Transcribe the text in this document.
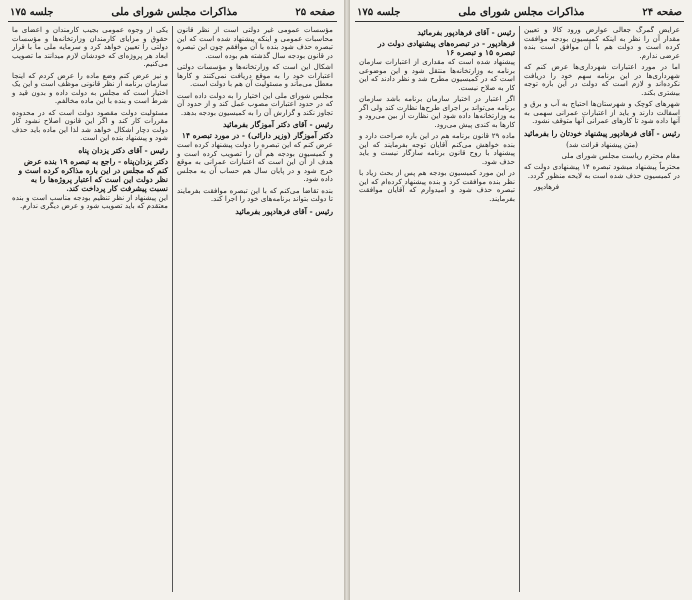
صفحه ۲۵
مذاکرات مجلس شورای ملی
جلسه ۱۷۵
مؤسسات عمومی غیر دولتی است از نظر قانون محاسبات عمومی و اینکه پیشنهاد شده است که این تبصره حذف شود بنده با آن موافقم چون این تبصره در قانون بودجه سال گذشته هم بوده است.
اشکال این است که وزارتخانه‌ها و مؤسسات دولتی اعتبارات خود را به موقع دریافت نمی‌کنند و کارها معطل می‌ماند و مسئولیت آن هم با دولت است.
مجلس شورای ملی این اختیار را به دولت داده است که در حدود اعتبارات مصوب عمل کند و از حدود آن تجاوز نکند و گزارش آن را به کمیسیون بودجه بدهد.
رئیس - آقای دکتر آموزگار بفرمائید
دکتر آموزگار (وزیر دارائی) - در مورد تبصره ۱۴
عرض کنم که این تبصره را دولت پیشنهاد کرده است و کمیسیون بودجه هم آن را تصویب کرده است و هدف از آن این است که اعتبارات عمرانی به موقع خرج شود و در پایان سال هم حساب آن به مجلس داده شود.
بنده تقاضا می‌کنم که با این تبصره موافقت بفرمایند تا دولت بتواند برنامه‌های خود را اجرا کند.
رئیس - آقای فرهادپور بفرمائید
یکی از وجوه عمومی بجیب کارمندان و اعضای ما حقوق و مزایای کارمندان وزارتخانه‌ها و مؤسسات دولتی را تعیین خواهد کرد و سرمایه ملی ما با قرار ابعاد هر پروژه‌ای که خودشان لازم میدانند ما تصویب می‌کنیم.
و نیز عرض کنم وضع ماده را عرض کردم که اینجا سازمان برنامه از نظر قانونی موظف است و این یک اختیار است که مجلس به دولت داده و بدون قید و شرط است و بنده با این ماده مخالفم.
مسئولیت دولت مقصود دولت است که در محدوده مقررات کار کند و اگر این قانون اصلاح نشود کار دولت دچار اشکال خواهد شد لذا این ماده باید حذف شود و پیشنهاد بنده این است.
رئیس - آقای دکتر یزدان پناه
دکتر یزدان‌پناه - راجع به تبصره ۱۹ بنده عرض کنم که مجلس در این باره مذاکره کرده است و نظر دولت این است که اعتبار پروژه‌ها را به نسبت پیشرفت کار پرداخت کند.
این پیشنهاد از نظر تنظیم بودجه مناسب است و بنده معتقدم که باید تصویب شود و عرض دیگری ندارم.
صفحه ۲۴
مذاکرات مجلس شورای ملی
جلسه ۱۷۵
عرایض گمرگ جعالی عوارض ورود کالا و تعیین مقدار آن را نظر به اینکه کمیسیون بودجه موافقت کرده است و دولت هم با آن موافق است بنده عرضی ندارم.
اما در مورد اعتبارات شهرداری‌ها عرض کنم که شهرداری‌ها در این برنامه سهم خود را دریافت نکرده‌اند و لازم است که دولت در این باره توجه بیشتری بکند.
شهرهای کوچک و شهرستان‌ها احتیاج به آب و برق و اسفالت دارند و باید از اعتبارات عمرانی سهمی به آنها داده شود تا کارهای عمرانی آنها متوقف نشود.
رئیس - آقای فرهادپور پیشنهاد خودتان را بفرمائید
(متن پیشنهاد قرائت شد)
مقام محترم ریاست مجلس شورای ملی
محترماً پیشنهاد میشود تبصره ۱۴ پیشنهادی دولت که در کمیسیون حذف شده است به لایحه منظور گردد.
فرهادپور
رئیس - آقای فرهادپور بفرمائید
فرهادپور - در تبصره‌های پیشنهادی دولت در تبصره ۱۵ و تبصره ۱۶
پیشنهاد شده است که مقداری از اعتبارات سازمان برنامه به وزارتخانه‌ها منتقل شود و این موضوعی است که در کمیسیون مطرح شد و نظر دادند که این کار به صلاح نیست.
اگر اعتبار در اختیار سازمان برنامه باشد سازمان برنامه می‌تواند بر اجرای طرح‌ها نظارت کند ولی اگر به وزارتخانه‌ها داده شود این نظارت از بین می‌رود و کارها به کندی پیش می‌رود.
ماده ۲۹ قانون برنامه هم در این باره صراحت دارد و بنده خواهش می‌کنم آقایان توجه بفرمایند که این پیشنهاد با روح قانون برنامه سازگار نیست و باید حذف شود.
در این مورد کمیسیون بودجه هم پس از بحث زیاد با نظر بنده موافقت کرد و بنده پیشنهاد کرده‌ام که این تبصره حذف شود و امیدوارم که آقایان موافقت بفرمایند.
